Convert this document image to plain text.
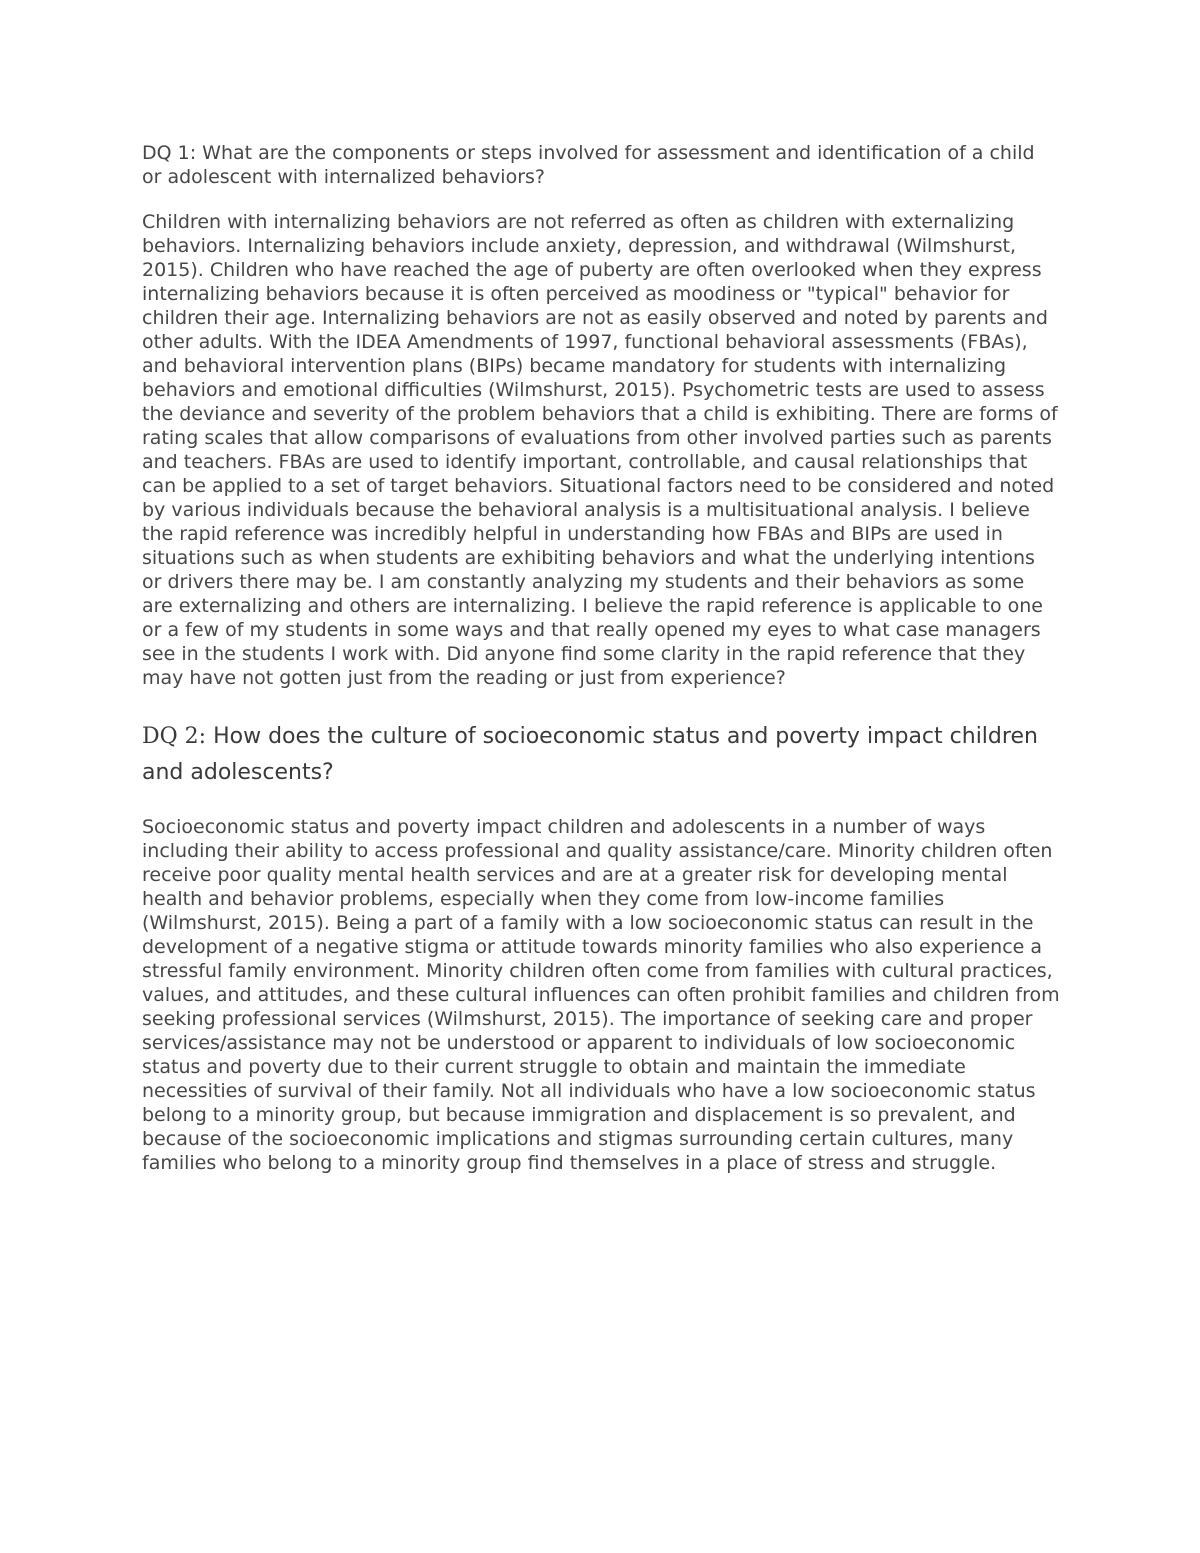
DQ 1: What are the components or steps involved for assessment and identification of a child or adolescent with internalized behaviors?

Children with internalizing behaviors are not referred as often as children with externalizing behaviors. Internalizing behaviors include anxiety, depression, and withdrawal (Wilmshurst, 2015). Children who have reached the age of puberty are often overlooked when they express internalizing behaviors because it is often perceived as moodiness or "typical" behavior for children their age. Internalizing behaviors are not as easily observed and noted by parents and other adults. With the IDEA Amendments of 1997, functional behavioral assessments (FBAs), and behavioral intervention plans (BIPs) became mandatory for students with internalizing behaviors and emotional difficulties (Wilmshurst, 2015). Psychometric tests are used to assess the deviance and severity of the problem behaviors that a child is exhibiting. There are forms of rating scales that allow comparisons of evaluations from other involved parties such as parents and teachers. FBAs are used to identify important, controllable, and causal relationships that can be applied to a set of target behaviors. Situational factors need to be considered and noted by various individuals because the behavioral analysis is a multisituational analysis. I believe the rapid reference was incredibly helpful in understanding how FBAs and BIPs are used in situations such as when students are exhibiting behaviors and what the underlying intentions or drivers there may be. I am constantly analyzing my students and their behaviors as some are externalizing and others are internalizing. I believe the rapid reference is applicable to one or a few of my students in some ways and that really opened my eyes to what case managers see in the students I work with. Did anyone find some clarity in the rapid reference that they may have not gotten just from the reading or just from experience?

DQ 2: How does the culture of socioeconomic status and poverty impact children and adolescents?

Socioeconomic status and poverty impact children and adolescents in a number of ways including their ability to access professional and quality assistance/care. Minority children often receive poor quality mental health services and are at a greater risk for developing mental health and behavior problems, especially when they come from low-income families (Wilmshurst, 2015). Being a part of a family with a low socioeconomic status can result in the development of a negative stigma or attitude towards minority families who also experience a stressful family environment. Minority children often come from families with cultural practices, values, and attitudes, and these cultural influences can often prohibit families and children from seeking professional services (Wilmshurst, 2015). The importance of seeking care and proper services/assistance may not be understood or apparent to individuals of low socioeconomic status and poverty due to their current struggle to obtain and maintain the immediate necessities of survival of their family. Not all individuals who have a low socioeconomic status belong to a minority group, but because immigration and displacement is so prevalent, and because of the socioeconomic implications and stigmas surrounding certain cultures, many families who belong to a minority group find themselves in a place of stress and struggle.
